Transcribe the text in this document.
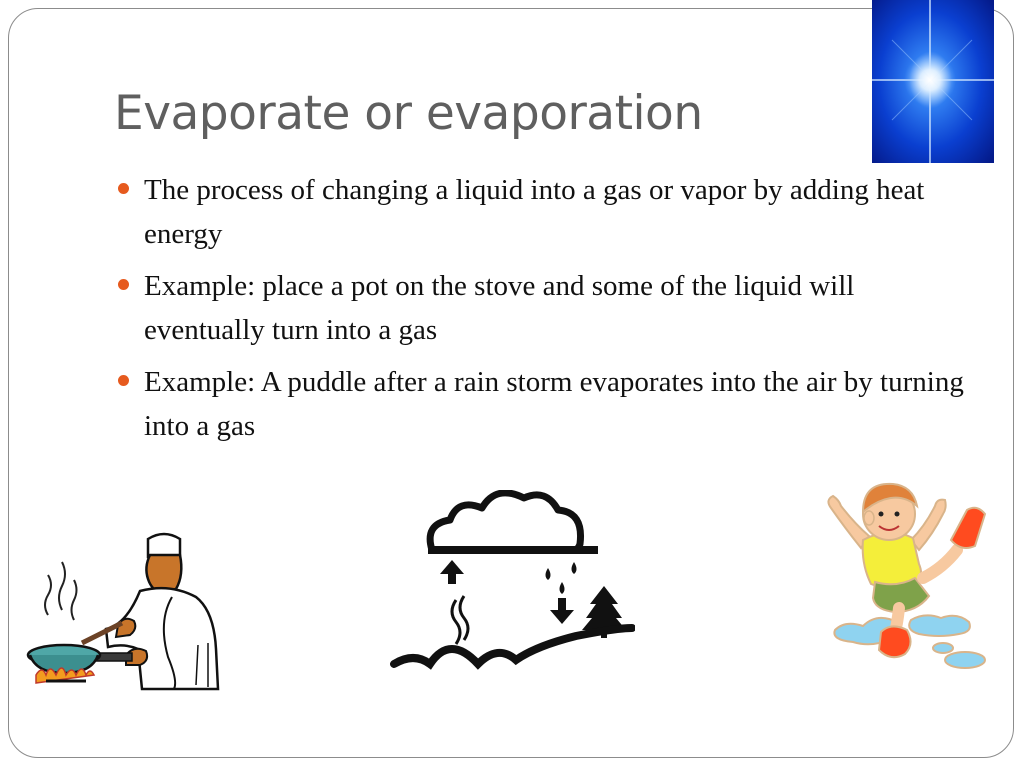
Evaporate or evaporation
The process of changing a liquid into a gas or vapor by adding heat energy
Example: place a pot on the stove and some of the liquid will eventually turn into a gas
Example: A puddle after a rain storm evaporates into the air by turning into a gas
